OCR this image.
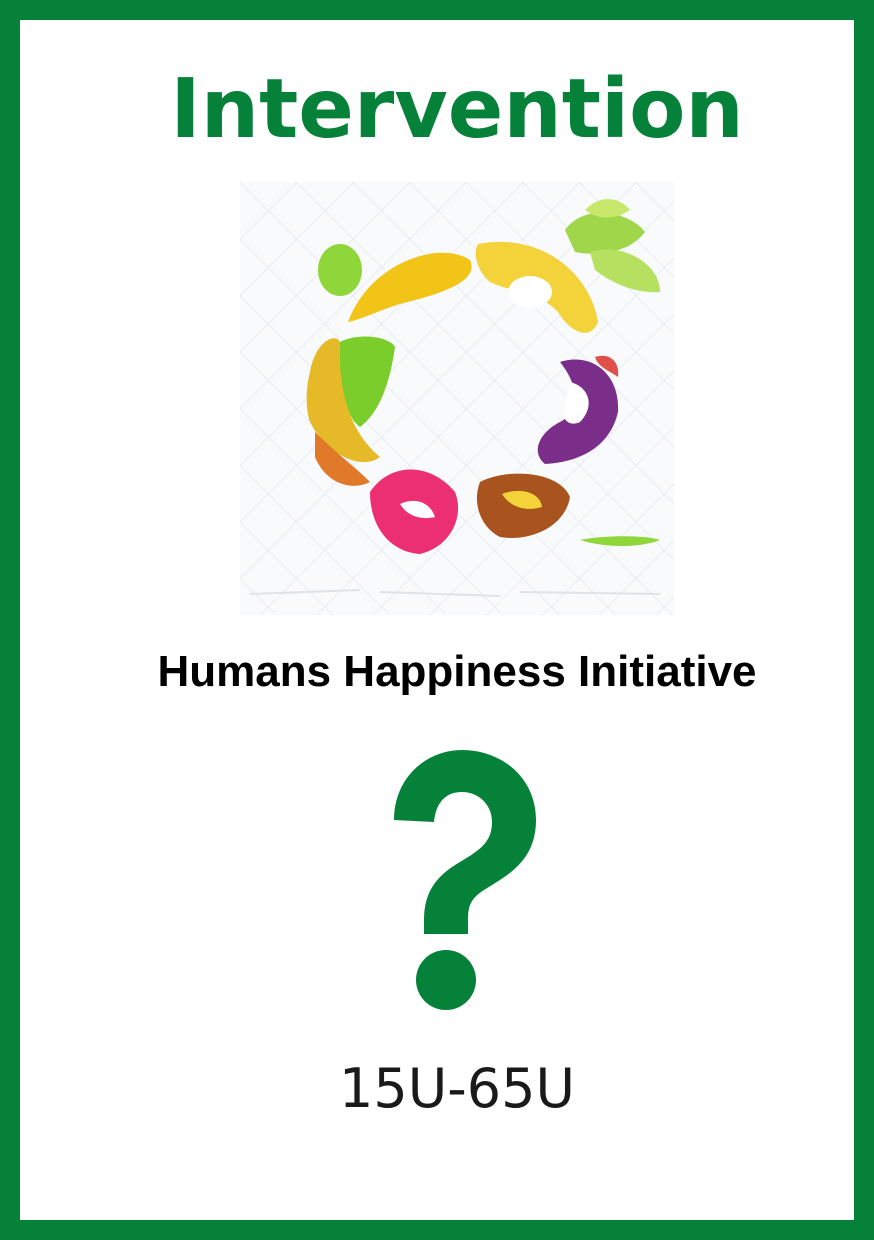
Intervention
Humans Happiness Initiative
15U-65U
